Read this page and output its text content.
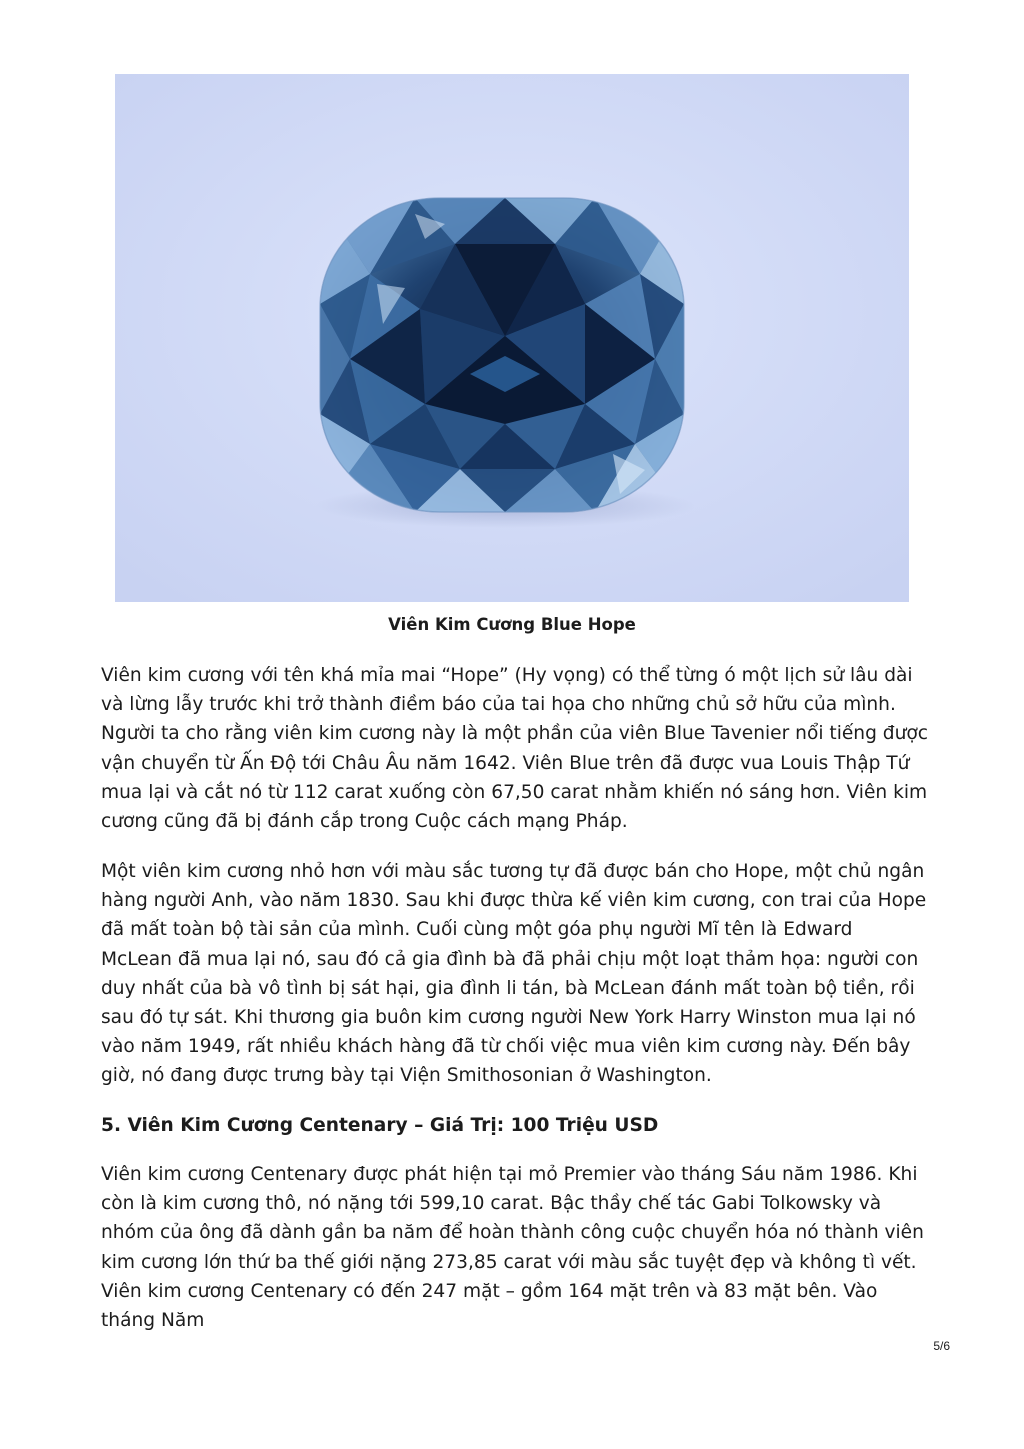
Viên Kim Cương Blue Hope

Viên kim cương với tên khá mỉa mai “Hope” (Hy vọng) có thể từng ó một lịch sử lâu dài và lừng lẫy trước khi trở thành điềm báo của tai họa cho những chủ sở hữu của mình. Người ta cho rằng viên kim cương này là một phần của viên Blue Tavenier nổi tiếng được vận chuyển từ Ấn Độ tới Châu Âu năm 1642. Viên Blue trên đã được vua Louis Thập Tứ mua lại và cắt nó từ 112 carat xuống còn 67,50 carat nhằm khiến nó sáng hơn. Viên kim cương cũng đã bị đánh cắp trong Cuộc cách mạng Pháp.

Một viên kim cương nhỏ hơn với màu sắc tương tự đã được bán cho Hope, một chủ ngân hàng người Anh, vào năm 1830. Sau khi được thừa kế viên kim cương, con trai của Hope đã mất toàn bộ tài sản của mình. Cuối cùng một góa phụ người Mĩ tên là Edward McLean đã mua lại nó, sau đó cả gia đình bà đã phải chịu một loạt thảm họa: người con duy nhất của bà vô tình bị sát hại, gia đình li tán, bà McLean đánh mất toàn bộ tiền, rồi sau đó tự sát. Khi thương gia buôn kim cương người New York Harry Winston mua lại nó vào năm 1949, rất nhiều khách hàng đã từ chối việc mua viên kim cương này. Đến bây giờ, nó đang được trưng bày tại Viện Smithosonian ở Washington.

5. Viên Kim Cương Centenary – Giá Trị: 100 Triệu USD

Viên kim cương Centenary được phát hiện tại mỏ Premier vào tháng Sáu năm 1986. Khi còn là kim cương thô, nó nặng tới 599,10 carat. Bậc thầy chế tác Gabi Tolkowsky và nhóm của ông đã dành gần ba năm để hoàn thành công cuộc chuyển hóa nó thành viên kim cương lớn thứ ba thế giới nặng 273,85 carat với màu sắc tuyệt đẹp và không tì vết. Viên kim cương Centenary có đến 247 mặt – gồm 164 mặt trên và 83 mặt bên. Vào tháng Năm

5/6
